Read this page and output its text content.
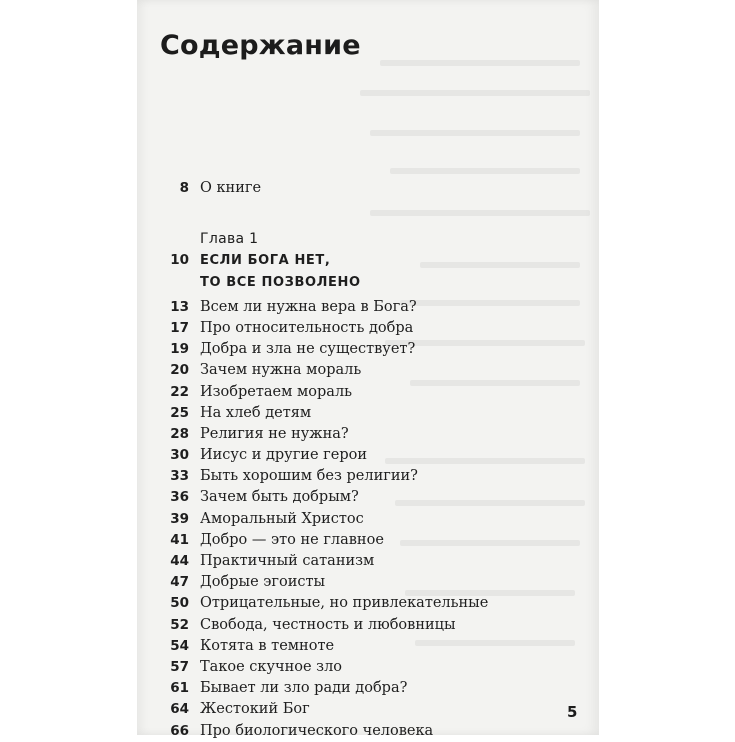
Содержание
8 О книге
Глава 1
10 ЕСЛИ БОГА НЕТ,
ТО ВСЕ ПОЗВОЛЕНО
13 Всем ли нужна вера в Бога?
17 Про относительность добра
19 Добра и зла не существует?
20 Зачем нужна мораль
22 Изобретаем мораль
25 На хлеб детям
28 Религия не нужна?
30 Иисус и другие герои
33 Быть хорошим без религии?
36 Зачем быть добрым?
39 Аморальный Христос
41 Добро — это не главное
44 Практичный сатанизм
47 Добрые эгоисты
50 Отрицательные, но привлекательные
52 Свобода, честность и любовницы
54 Котята в темноте
57 Такое скучное зло
61 Бывает ли зло ради добра?
64 Жестокий Бог
66 Про биологического человека
5
